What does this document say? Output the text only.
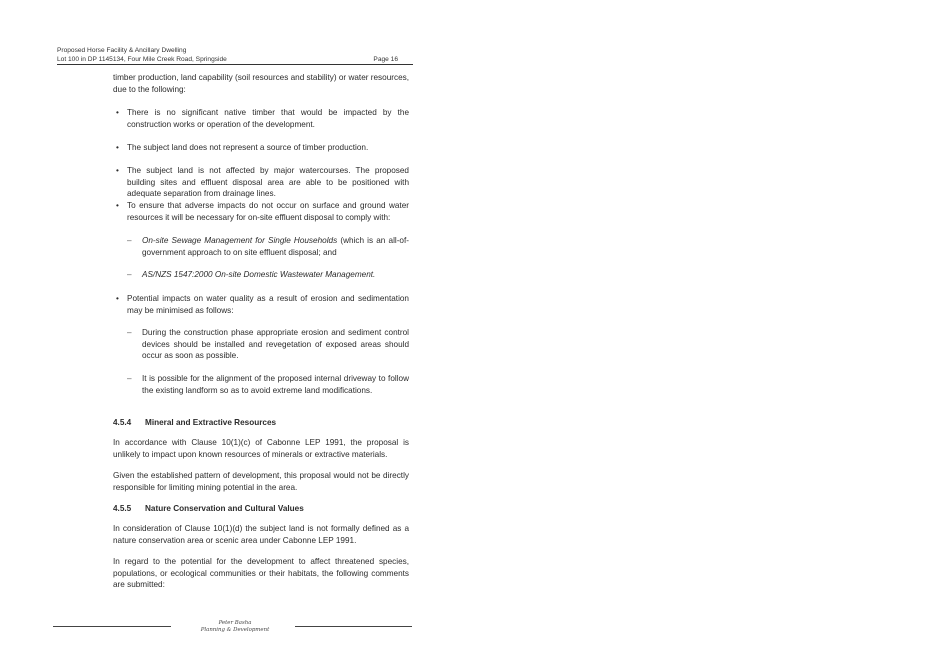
Proposed Horse Facility & Ancillary Dwelling
Lot 100 in DP 1145134, Four Mile Creek Road, Springside	Page 16

timber production, land capability (soil resources and stability) or water resources, due to the following:

• There is no significant native timber that would be impacted by the construction works or operation of the development.
• The subject land does not represent a source of timber production.
• The subject land is not affected by major watercourses. The proposed building sites and effluent disposal area are able to be positioned with adequate separation from drainage lines.
• To ensure that adverse impacts do not occur on surface and ground water resources it will be necessary for on-site effluent disposal to comply with:
– On-site Sewage Management for Single Households (which is an all-of-government approach to on site effluent disposal; and
– AS/NZS 1547:2000 On-site Domestic Wastewater Management.
• Potential impacts on water quality as a result of erosion and sedimentation may be minimised as follows:
– During the construction phase appropriate erosion and sediment control devices should be installed and revegetation of exposed areas should occur as soon as possible.
– It is possible for the alignment of the proposed internal driveway to follow the existing landform so as to avoid extreme land modifications.
4.5.4 Mineral and Extractive Resources

In accordance with Clause 10(1)(c) of Cabonne LEP 1991, the proposal is unlikely to impact upon known resources of minerals or extractive materials.

Given the established pattern of development, this proposal would not be directly responsible for limiting mining potential in the area.

4.5.5 Nature Conservation and Cultural Values

In consideration of Clause 10(1)(d) the subject land is not formally defined as a nature conservation area or scenic area under Cabonne LEP 1991.

In regard to the potential for the development to affect threatened species, populations, or ecological communities or their habitats, the following comments are submitted:

Peter Basha
Planning & Development
